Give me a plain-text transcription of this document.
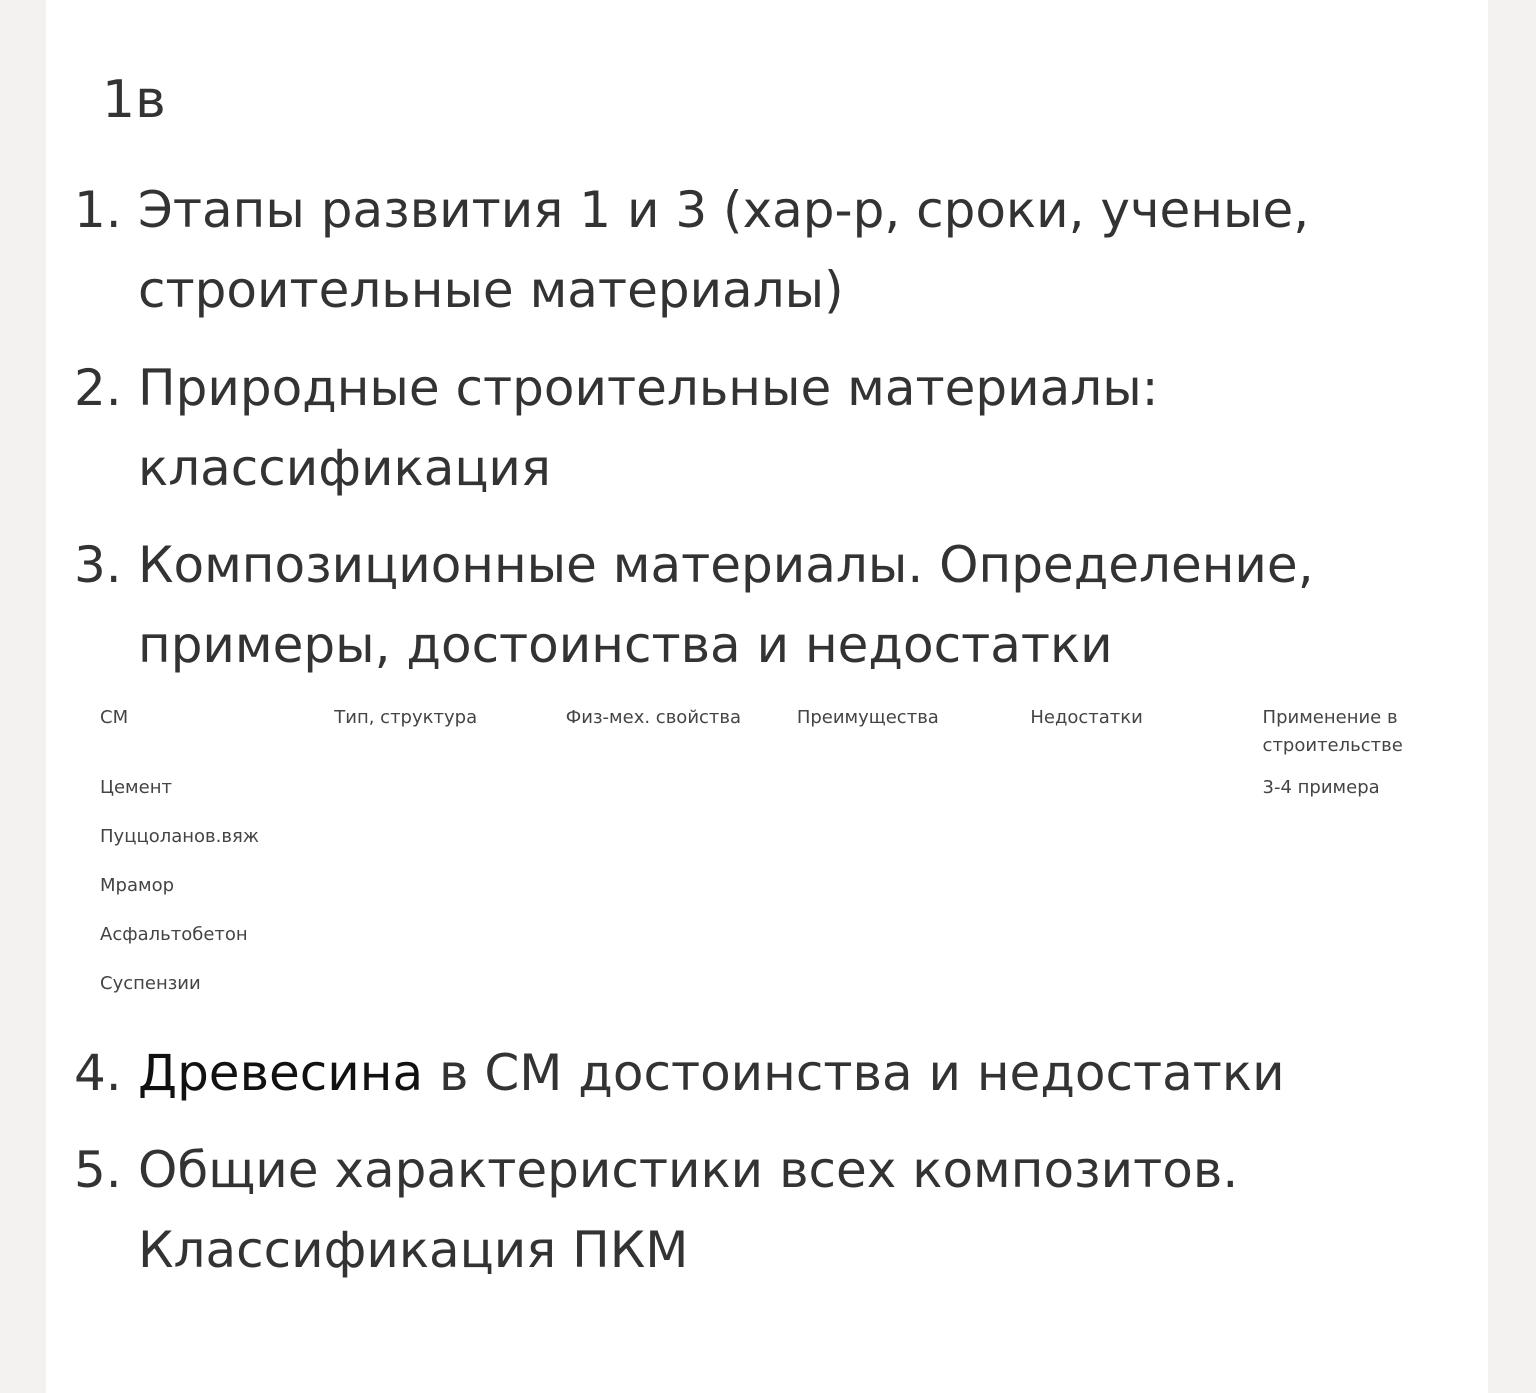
1в
1. Этапы развития 1 и 3 (хар-р, сроки, ученые, строительные материалы)
2. Природные строительные материалы: классификация
3. Композиционные материалы. Определение, примеры, достоинства и недостатки
СМ	Тип, структура	Физ-мех. свойства	Преимущества	Недостатки	Применение в строительстве
Цемент					3-4 примера
Пуццоланов.вяж					
Мрамор					
Асфальтобетон					
Суспензии					
4. Древесина в СМ достоинства и недостатки
5. Общие характеристики всех композитов. Классификация ПКМ
